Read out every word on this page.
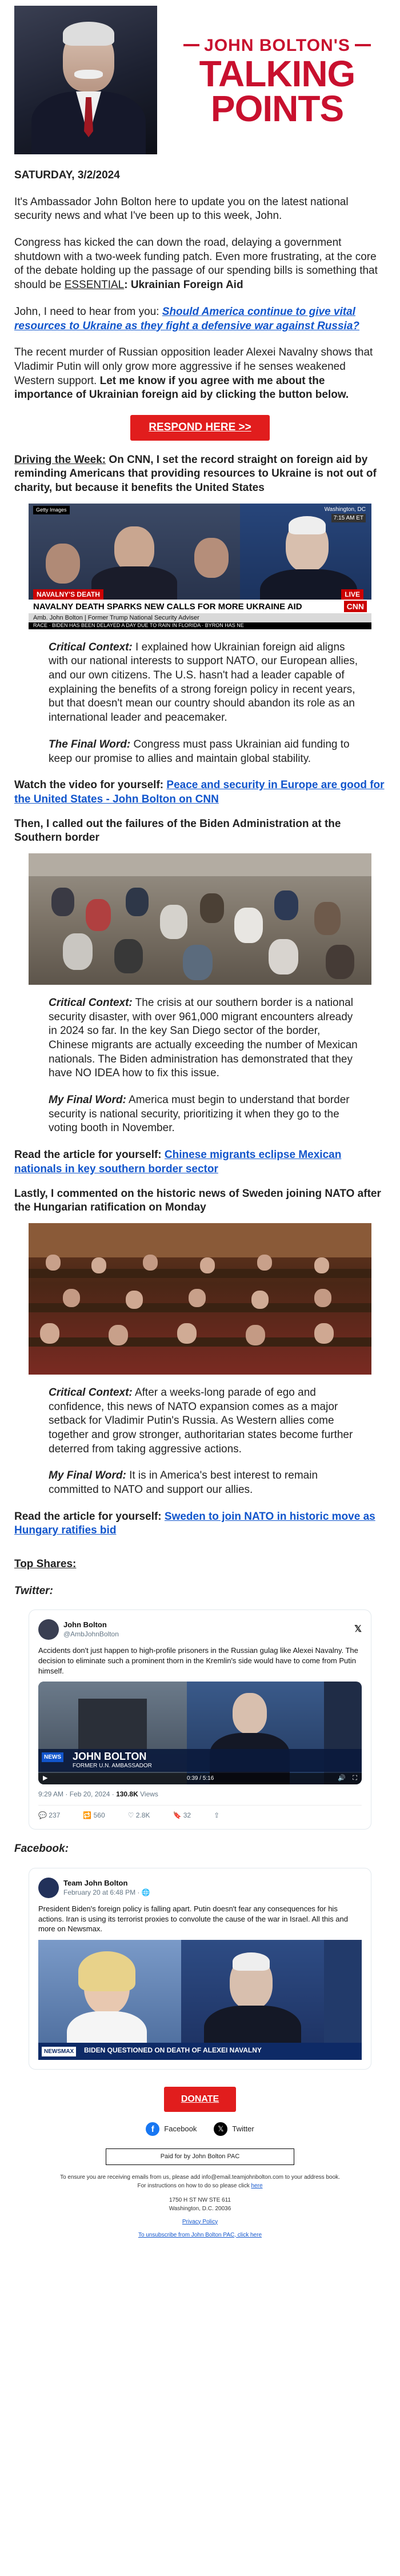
JOHN BOLTON'S
TALKING
POINTS
SATURDAY, 3/2/2024

It's Ambassador John Bolton here to update you on the latest national security news and what I've been up to this week, John.

Congress has kicked the can down the road, delaying a government shutdown with a two-week funding patch. Even more frustrating, at the core of the debate holding up the passage of our spending bills is something that should be ESSENTIAL: Ukrainian Foreign Aid

John, I need to hear from you: Should America continue to give vital resources to Ukraine as they fight a defensive war against Russia?

The recent murder of Russian opposition leader Alexei Navalny shows that Vladimir Putin will only grow more aggressive if he senses weakened Western support. Let me know if you agree with me about the importance of Ukrainian foreign aid by clicking the button below.

RESPOND HERE >>

Driving the Week: On CNN, I set the record straight on foreign aid by reminding Americans that providing resources to Ukraine is not out of charity, but because it benefits the United States

Getty Images	Washington, DC
7:15 AM ET
NAVALNY'S DEATH	LIVE
NAVALNY DEATH SPARKS NEW CALLS FOR MORE UKRAINE AID
Amb. John Bolton | Former Trump National Security Adviser
CNN
RACE · BIDEN HAS BEEN DELAYED A DAY DUE TO RAIN IN FLORIDA · BYRON HAS NE

Critical Context: I explained how Ukrainian foreign aid aligns with our national interests to support NATO, our European allies, and our own citizens. The U.S. hasn't had a leader capable of explaining the benefits of a strong foreign policy in recent years, but that doesn't mean our country should abandon its role as an international leader and peacemaker.

The Final Word: Congress must pass Ukrainian aid funding to keep our promise to allies and maintain global stability.

Watch the video for yourself: Peace and security in Europe are good for the United States - John Bolton on CNN

Then, I called out the failures of the Biden Administration at the Southern border

Critical Context: The crisis at our southern border is a national security disaster, with over 961,000 migrant encounters already in 2024 so far. In the key San Diego sector of the border, Chinese migrants are actually exceeding the number of Mexican nationals. The Biden administration has demonstrated that they have NO IDEA how to fix this issue.

My Final Word: America must begin to understand that border security is national security, prioritizing it when they go to the voting booth in November.

Read the article for yourself: Chinese migrants eclipse Mexican nationals in key southern border sector

Lastly, I commented on the historic news of Sweden joining NATO after the Hungarian ratification on Monday

Critical Context: After a weeks-long parade of ego and confidence, this news of NATO expansion comes as a major setback for Vladimir Putin's Russia. As Western allies come together and grow stronger, authoritarian states become further deterred from taking aggressive actions.

My Final Word: It is in America's best interest to remain committed to NATO and support our allies.

Read the article for yourself: Sweden to join NATO in historic move as Hungary ratifies bid

Top Shares:

Twitter:

John Bolton
@AmbJohnBolton
𝕏
Accidents don't just happen to high-profile prisoners in the Russian gulag like Alexei Navalny. The decision to eliminate such a prominent thorn in the Kremlin's side would have to come from Putin himself.
NEWS JOHN BOLTON
FORMER U.N. AMBASSADOR
▶	0:39 / 5:16	🔊 ⛶
9:29 AM · Feb 20, 2024 · 130.8K Views
💬 237	🔁 560	♡ 2.8K	🔖 32	⇪

Facebook:

Team John Bolton
February 20 at 6:48 PM · 🌐
President Biden's foreign policy is falling apart. Putin doesn't fear any consequences for his actions. Iran is using its terrorist proxies to convolute the cause of the war in Israel. All this and more on Newsmax.
NEWSMAX	BIDEN QUESTIONED ON DEATH OF ALEXEI NAVALNY
DONATE
f	Facebook	𝕏	Twitter
Paid for by John Bolton PAC
To ensure you are receiving emails from us, please add info@email.teamjohnbolton.com to your address book.
For instructions on how to do so please click here
1750 H ST NW STE 611
Washington, D.C. 20036
Privacy Policy
To unsubscribe from John Bolton PAC, click here
